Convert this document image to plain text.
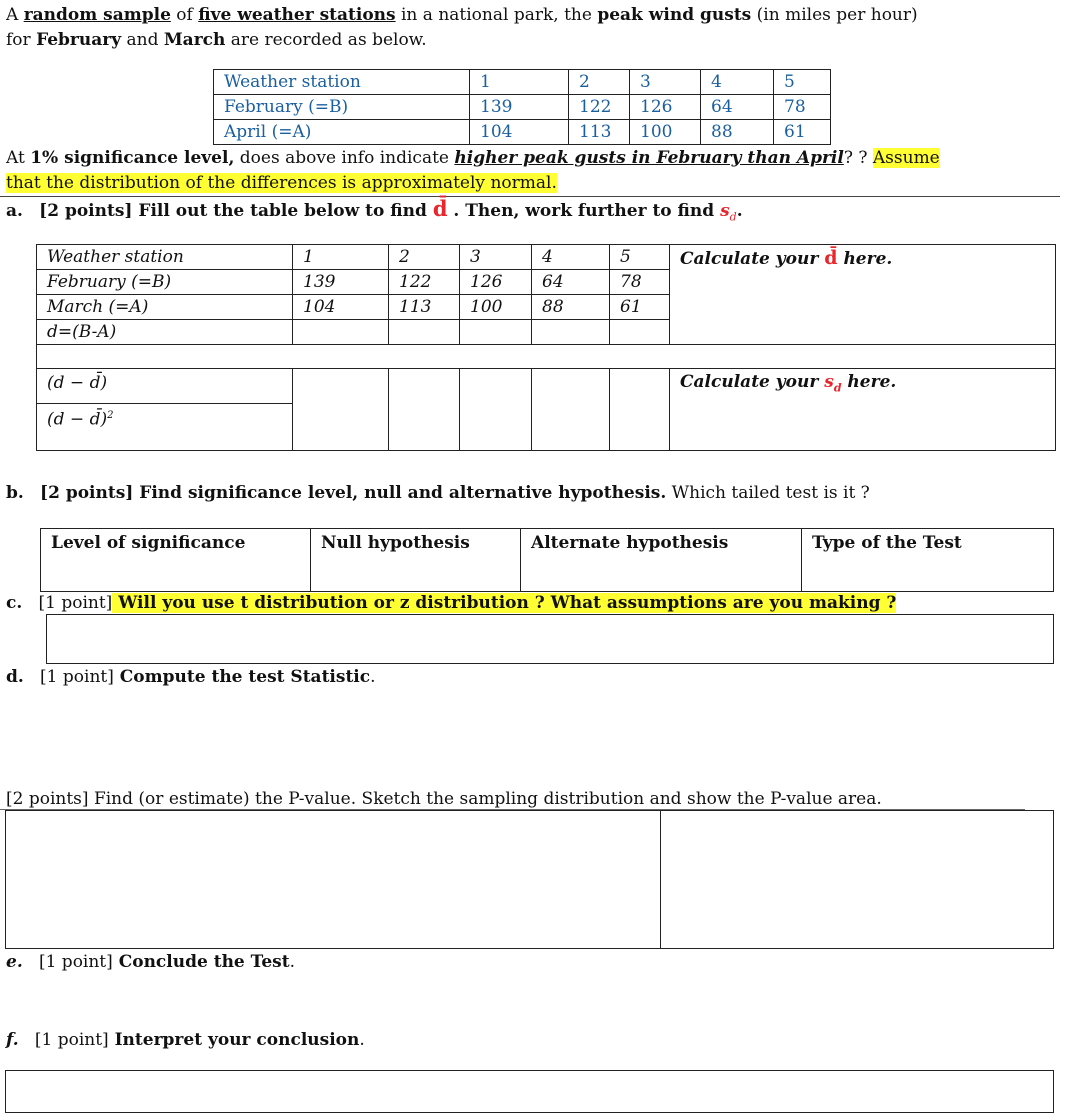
A random sample of five weather stations in a national park, the peak wind gusts (in miles per hour)
for February and March are recorded as below.
Weather station	1	2	3	4	5
February (=B)	139	122	126	64	78
April (=A)	104	113	100	88	61
At 1% significance level, does above info indicate higher peak gusts in February than April? ? Assume
that the distribution of the differences is approximately normal.
a. [2 points] Fill out the table below to find d̄ . Then, work further to find $s_d$.
Weather station	1	2	3	4	5	Calculate your d̄ here.
February (=B)	139	122	126	64	78	
March (=A)	104	113	100	88	61	
d=(B-A)						

(d − d̄)						Calculate your $s_d$ here.
(d − d̄)$^2$
b. [2 points] Find significance level, null and alternative hypothesis. Which tailed test is it ?
Level of significance	Null hypothesis	Alternate hypothesis	Type of the Test
c. [1 point] Will you use t distribution or z distribution ? What assumptions are you making ?
d. [1 point] Compute the test Statistic.
[2 points] Find (or estimate) the P-value. Sketch the sampling distribution and show the P-value area.
e. [1 point] Conclude the Test.
f. [1 point] Interpret your conclusion.
